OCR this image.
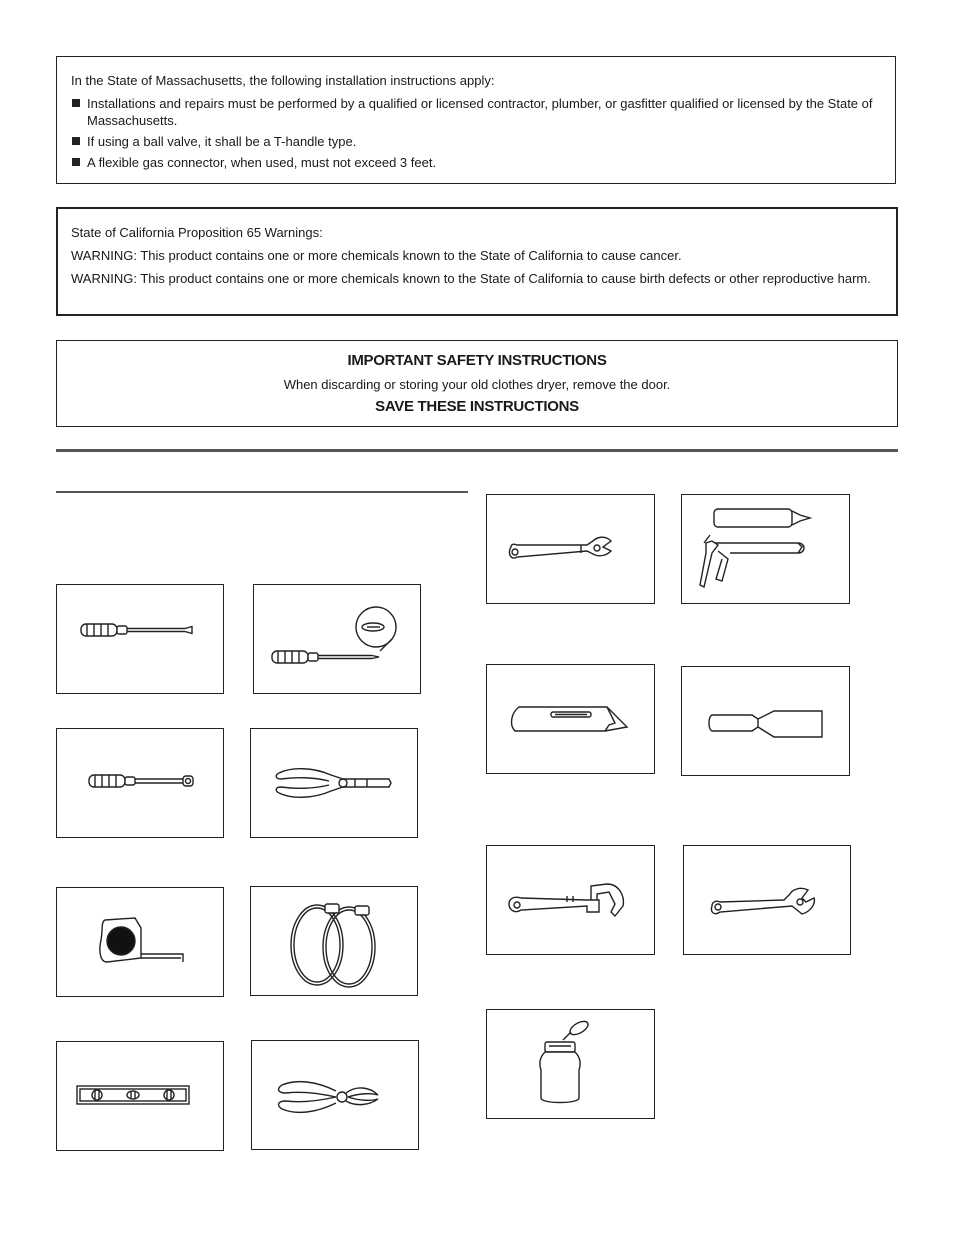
In the State of Massachusetts, the following installation instructions apply:

Installations and repairs must be performed by a qualified or licensed contractor, plumber, or gasfitter qualified or licensed by the State of Massachusetts.
If using a ball valve, it shall be a T-handle type.
A flexible gas connector, when used, must not exceed 3 feet.

State of California Proposition 65 Warnings:

WARNING: This product contains one or more chemicals known to the State of California to cause cancer.

WARNING: This product contains one or more chemicals known to the State of California to cause birth defects or other reproductive harm.

IMPORTANT SAFETY INSTRUCTIONS
When discarding or storing your old clothes dryer, remove the door.
SAVE THESE INSTRUCTIONS
